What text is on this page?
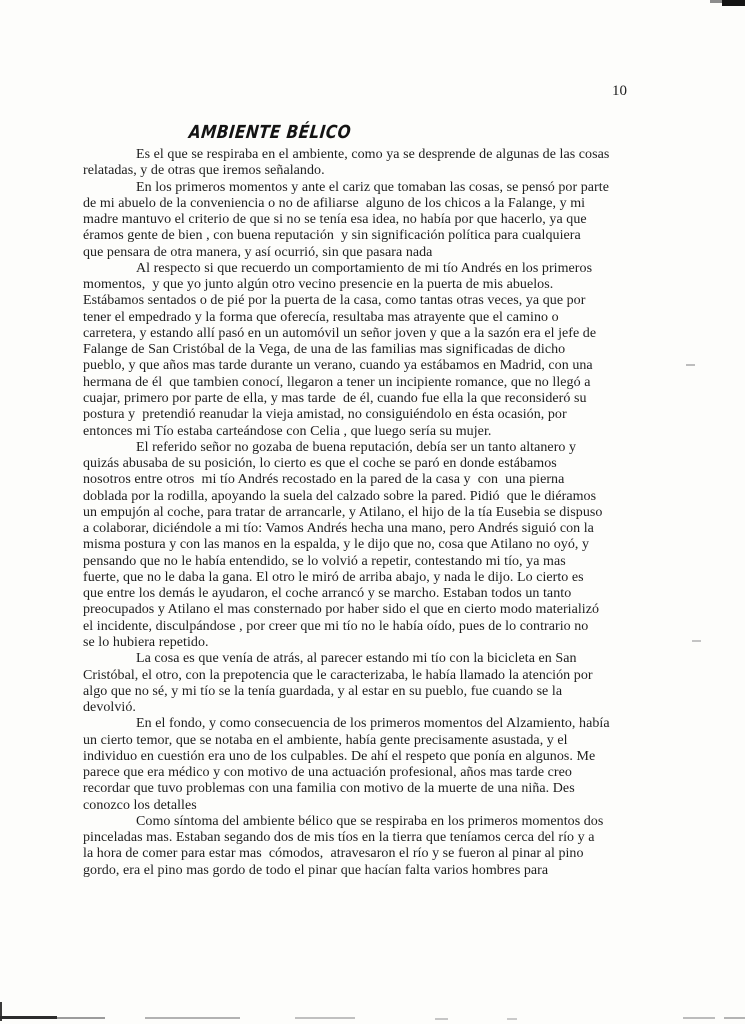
10
AMBIENTE BÉLICO
Es el que se respiraba en el ambiente, como ya se desprende de algunas de las cosas
relatadas, y de otras que iremos señalando.
En los primeros momentos y ante el cariz que tomaban las cosas, se pensó por parte
de mi abuelo de la conveniencia o no de afiliarse  alguno de los chicos a la Falange, y mi
madre mantuvo el criterio de que si no se tenía esa idea, no había por que hacerlo, ya que
éramos gente de bien , con buena reputación  y sin significación política para cualquiera
que pensara de otra manera, y así ocurrió, sin que pasara nada
Al respecto si que recuerdo un comportamiento de mi tío Andrés en los primeros
momentos,  y que yo junto algún otro vecino presencie en la puerta de mis abuelos.
Estábamos sentados o de pié por la puerta de la casa, como tantas otras veces, ya que por
tener el empedrado y la forma que oferecía, resultaba mas atrayente que el camino o
carretera, y estando allí pasó en un automóvil un señor joven y que a la sazón era el jefe de
Falange de San Cristóbal de la Vega, de una de las familias mas significadas de dicho
pueblo, y que años mas tarde durante un verano, cuando ya estábamos en Madrid, con una
hermana de él  que tambien conocí, llegaron a tener un incipiente romance, que no llegó a
cuajar, primero por parte de ella, y mas tarde  de él, cuando fue ella la que reconsideró su
postura y  pretendió reanudar la vieja amistad, no consiguiéndolo en ésta ocasión, por
entonces mi Tío estaba carteándose con Celia , que luego sería su mujer.
El referido señor no gozaba de buena reputación, debía ser un tanto altanero y
quizás abusaba de su posición, lo cierto es que el coche se paró en donde estábamos
nosotros entre otros  mi tío Andrés recostado en la pared de la casa y  con  una pierna
doblada por la rodilla, apoyando la suela del calzado sobre la pared. Pidió  que le diéramos
un empujón al coche, para tratar de arrancarle, y Atilano, el hijo de la tía Eusebia se dispuso
a colaborar, diciéndole a mi tío: Vamos Andrés hecha una mano, pero Andrés siguió con la
misma postura y con las manos en la espalda, y le dijo que no, cosa que Atilano no oyó, y
pensando que no le había entendido, se lo volvió a repetir, contestando mi tío, ya mas
fuerte, que no le daba la gana. El otro le miró de arriba abajo, y nada le dijo. Lo cierto es
que entre los demás le ayudaron, el coche arrancó y se marcho. Estaban todos un tanto
preocupados y Atilano el mas consternado por haber sido el que en cierto modo materializó
el incidente, disculpándose , por creer que mi tío no le había oído, pues de lo contrario no
se lo hubiera repetido.
La cosa es que venía de atrás, al parecer estando mi tío con la bicicleta en San
Cristóbal, el otro, con la prepotencia que le caracterizaba, le había llamado la atención por
algo que no sé, y mi tío se la tenía guardada, y al estar en su pueblo, fue cuando se la
devolvió.
En el fondo, y como consecuencia de los primeros momentos del Alzamiento, había
un cierto temor, que se notaba en el ambiente, había gente precisamente asustada, y el
individuo en cuestión era uno de los culpables. De ahí el respeto que ponía en algunos. Me
parece que era médico y con motivo de una actuación profesional, años mas tarde creo
recordar que tuvo problemas con una familia con motivo de la muerte de una niña. Des
conozco los detalles
Como síntoma del ambiente bélico que se respiraba en los primeros momentos dos
pinceladas mas. Estaban segando dos de mis tíos en la tierra que teníamos cerca del río y a
la hora de comer para estar mas  cómodos,  atravesaron el río y se fueron al pinar al pino
gordo, era el pino mas gordo de todo el pinar que hacían falta varios hombres para
